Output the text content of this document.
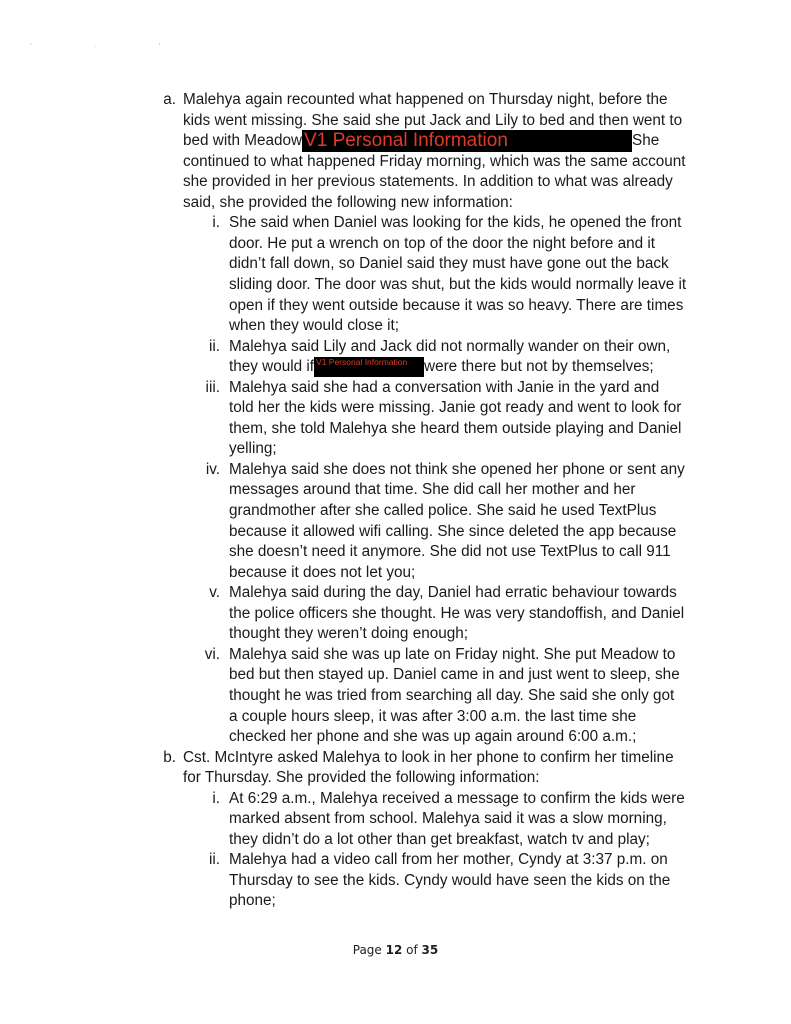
' · '
a. Malehya again recounted what happened on Thursday night, before the
kids went missing. She said she put Jack and Lily to bed and then went to
bed with Meadow V1 Personal Information	She
continued to what happened Friday morning, which was the same account
she provided in her previous statements. In addition to what was already
said, she provided the following new information:
i. She said when Daniel was looking for the kids, he opened the front
door. He put a wrench on top of the door the night before and it
didn’t fall down, so Daniel said they must have gone out the back
sliding door. The door was shut, but the kids would normally leave it
open if they went outside because it was so heavy. There are times
when they would close it;
ii. Malehya said Lily and Jack did not normally wander on their own,
they would if V1 Personal Information were there but not by themselves;
iii. Malehya said she had a conversation with Janie in the yard and
told her the kids were missing. Janie got ready and went to look for
them, she told Malehya she heard them outside playing and Daniel
yelling;
iv. Malehya said she does not think she opened her phone or sent any
messages around that time. She did call her mother and her
grandmother after she called police. She said he used TextPlus
because it allowed wifi calling. She since deleted the app because
she doesn’t need it anymore. She did not use TextPlus to call 911
because it does not let you;
v. Malehya said during the day, Daniel had erratic behaviour towards
the police officers she thought. He was very standoffish, and Daniel
thought they weren’t doing enough;
vi. Malehya said she was up late on Friday night. She put Meadow to
bed but then stayed up. Daniel came in and just went to sleep, she
thought he was tried from searching all day. She said she only got
a couple hours sleep, it was after 3:00 a.m. the last time she
checked her phone and she was up again around 6:00 a.m.;
b. Cst. McIntyre asked Malehya to look in her phone to confirm her timeline
for Thursday. She provided the following information:
i. At 6:29 a.m., Malehya received a message to confirm the kids were
marked absent from school. Malehya said it was a slow morning,
they didn’t do a lot other than get breakfast, watch tv and play;
ii. Malehya had a video call from her mother, Cyndy at 3:37 p.m. on
Thursday to see the kids. Cyndy would have seen the kids on the
phone;
Page 12 of 35
